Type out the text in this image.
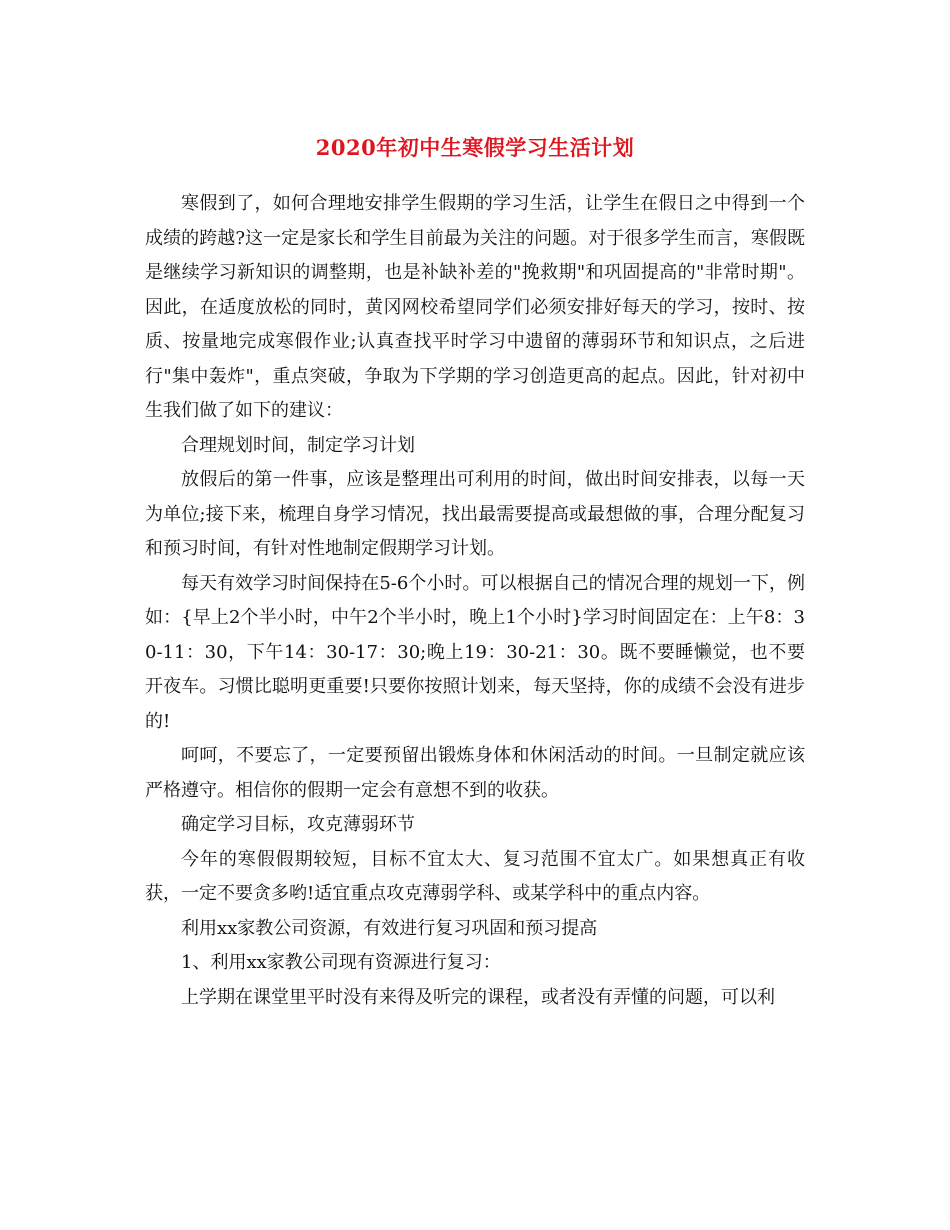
2020年初中生寒假学习生活计划

寒假到了，如何合理地安排学生假期的学习生活，让学生在假日之中得到一个成绩的跨越?这一定是家长和学生目前最为关注的问题。对于很多学生而言，寒假既是继续学习新知识的调整期，也是补缺补差的"挽救期"和巩固提高的"非常时期"。因此，在适度放松的同时，黄冈网校希望同学们必须安排好每天的学习，按时、按质、按量地完成寒假作业;认真查找平时学习中遗留的薄弱环节和知识点，之后进行"集中轰炸"，重点突破，争取为下学期的学习创造更高的起点。因此，针对初中生我们做了如下的建议：

合理规划时间，制定学习计划

放假后的第一件事，应该是整理出可利用的时间，做出时间安排表，以每一天为单位;接下来，梳理自身学习情况，找出最需要提高或最想做的事，合理分配复习和预习时间，有针对性地制定假期学习计划。

每天有效学习时间保持在5-6个小时。可以根据自己的情况合理的规划一下，例如：{早上2个半小时，中午2个半小时，晚上1个小时}学习时间固定在：上午8：30-11：30，下午14：30-17：30;晚上19：30-21：30。既不要睡懒觉，也不要开夜车。习惯比聪明更重要!只要你按照计划来，每天坚持，你的成绩不会没有进步的!

呵呵，不要忘了，一定要预留出锻炼身体和休闲活动的时间。一旦制定就应该严格遵守。相信你的假期一定会有意想不到的收获。

确定学习目标，攻克薄弱环节

今年的寒假假期较短，目标不宜太大、复习范围不宜太广。如果想真正有收获，一定不要贪多哟!适宜重点攻克薄弱学科、或某学科中的重点内容。

利用xx家教公司资源，有效进行复习巩固和预习提高

1、利用xx家教公司现有资源进行复习：

上学期在课堂里平时没有来得及听完的课程，或者没有弄懂的问题，可以利
